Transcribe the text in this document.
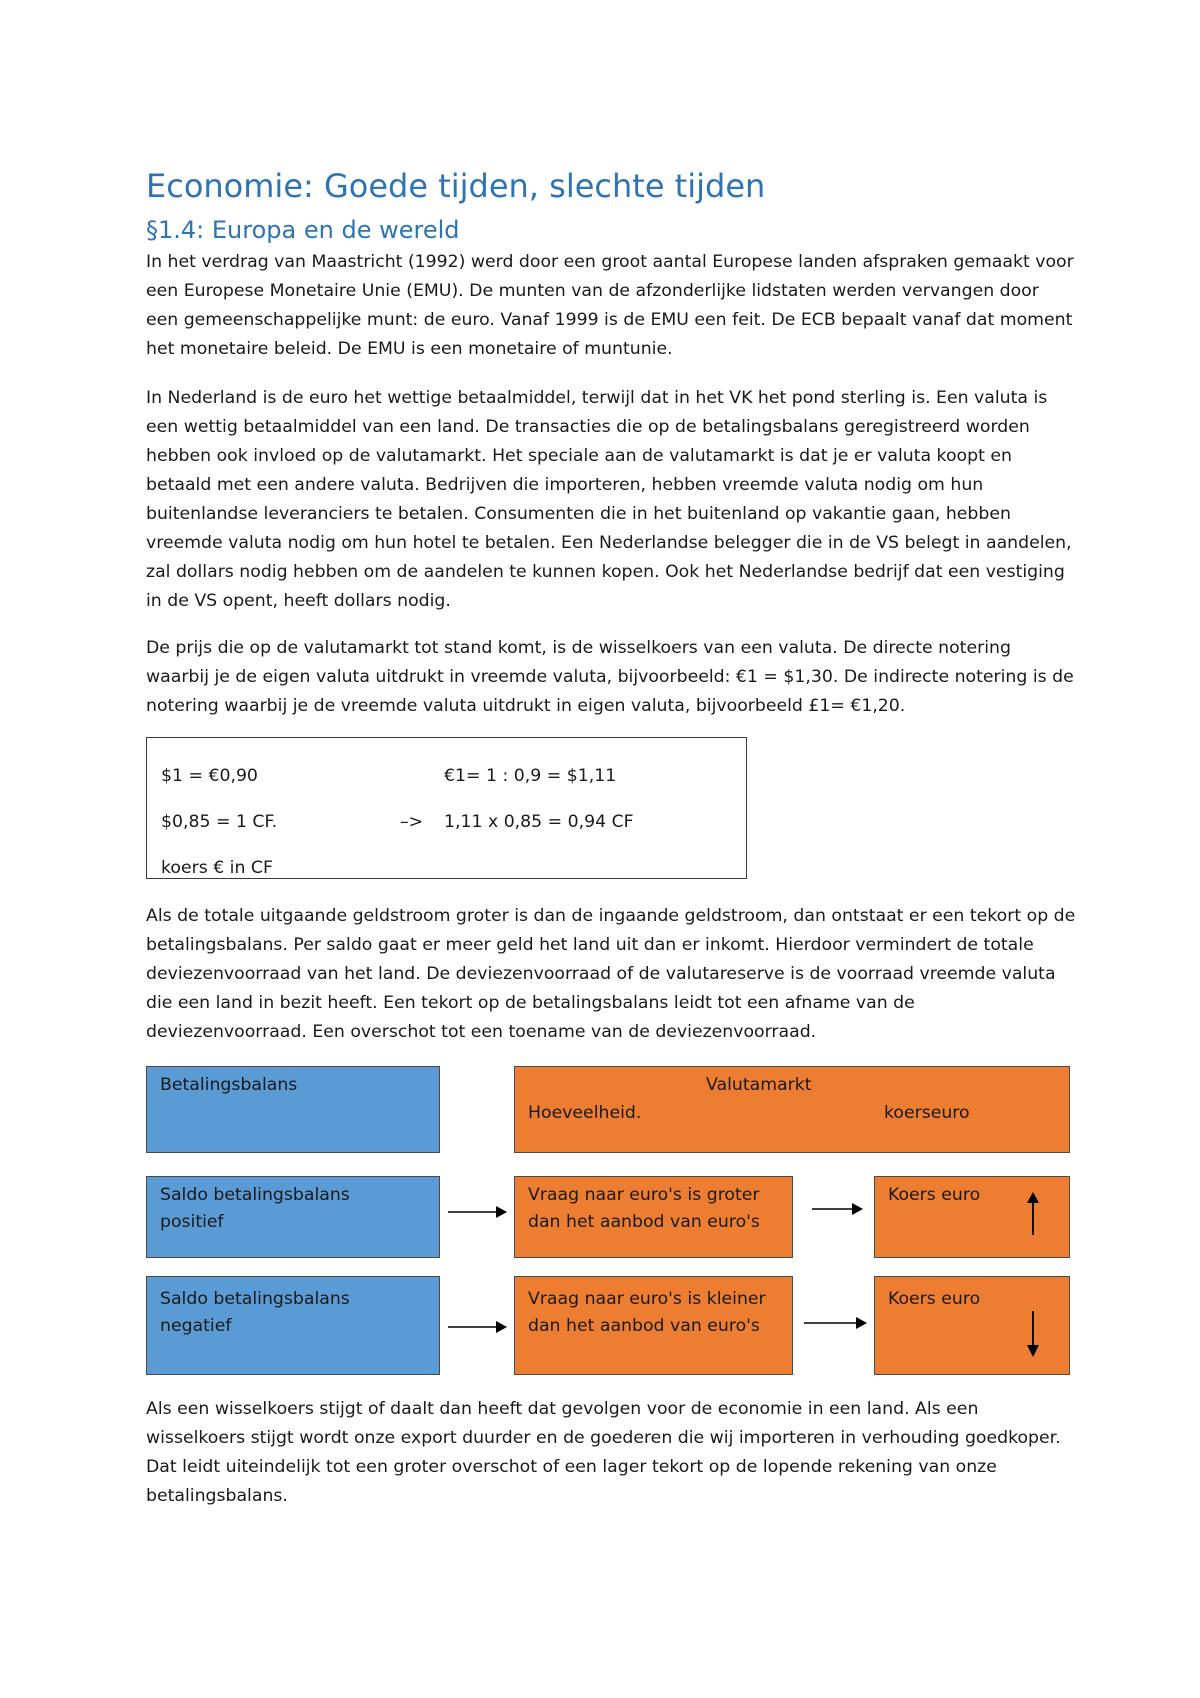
Economie: Goede tijden, slechte tijden
§1.4: Europa en de wereld

In het verdrag van Maastricht (1992) werd door een groot aantal Europese landen afspraken gemaakt voor een Europese Monetaire Unie (EMU). De munten van de afzonderlijke lidstaten werden vervangen door een gemeenschappelijke munt: de euro. Vanaf 1999 is de EMU een feit. De ECB bepaalt vanaf dat moment het monetaire beleid. De EMU is een monetaire of muntunie.

In Nederland is de euro het wettige betaalmiddel, terwijl dat in het VK het pond sterling is. Een valuta is een wettig betaalmiddel van een land. De transacties die op de betalingsbalans geregistreerd worden hebben ook invloed op de valutamarkt. Het speciale aan de valutamarkt is dat je er valuta koopt en betaald met een andere valuta. Bedrijven die importeren, hebben vreemde valuta nodig om hun buitenlandse leveranciers te betalen. Consumenten die in het buitenland op vakantie gaan, hebben vreemde valuta nodig om hun hotel te betalen. Een Nederlandse belegger die in de VS belegt in aandelen, zal dollars nodig hebben om de aandelen te kunnen kopen. Ook het Nederlandse bedrijf dat een vestiging in de VS opent, heeft dollars nodig.

De prijs die op de valutamarkt tot stand komt, is de wisselkoers van een valuta. De directe notering waarbij je de eigen valuta uitdrukt in vreemde valuta, bijvoorbeeld: €1 = $1,30. De indirecte notering is de notering waarbij je de vreemde valuta uitdrukt in eigen valuta, bijvoorbeeld £1= €1,20.

$1 = €0,90	€1= 1 : 0,9 = $1,11
$0,85 = 1 CF.	–> 1,11 x 0,85 = 0,94 CF
koers € in CF

Als de totale uitgaande geldstroom groter is dan de ingaande geldstroom, dan ontstaat er een tekort op de betalingsbalans. Per saldo gaat er meer geld het land uit dan er inkomt. Hierdoor vermindert de totale deviezenvoorraad van het land. De deviezenvoorraad of de valutareserve is de voorraad vreemde valuta die een land in bezit heeft. Een tekort op de betalingsbalans leidt tot een afname van de deviezenvoorraad. Een overschot tot een toename van de deviezenvoorraad.

Betalingsbalans	Valutamarkt
Hoeveelheid.	koerseuro
Saldo betalingsbalans
positief
Vraag naar euro's is groter
dan het aanbod van euro's
Koers euro
Saldo betalingsbalans
negatief
Vraag naar euro's is kleiner
dan het aanbod van euro's
Koers euro

Als een wisselkoers stijgt of daalt dan heeft dat gevolgen voor de economie in een land. Als een wisselkoers stijgt wordt onze export duurder en de goederen die wij importeren in verhouding goedkoper. Dat leidt uiteindelijk tot een groter overschot of een lager tekort op de lopende rekening van onze betalingsbalans.
